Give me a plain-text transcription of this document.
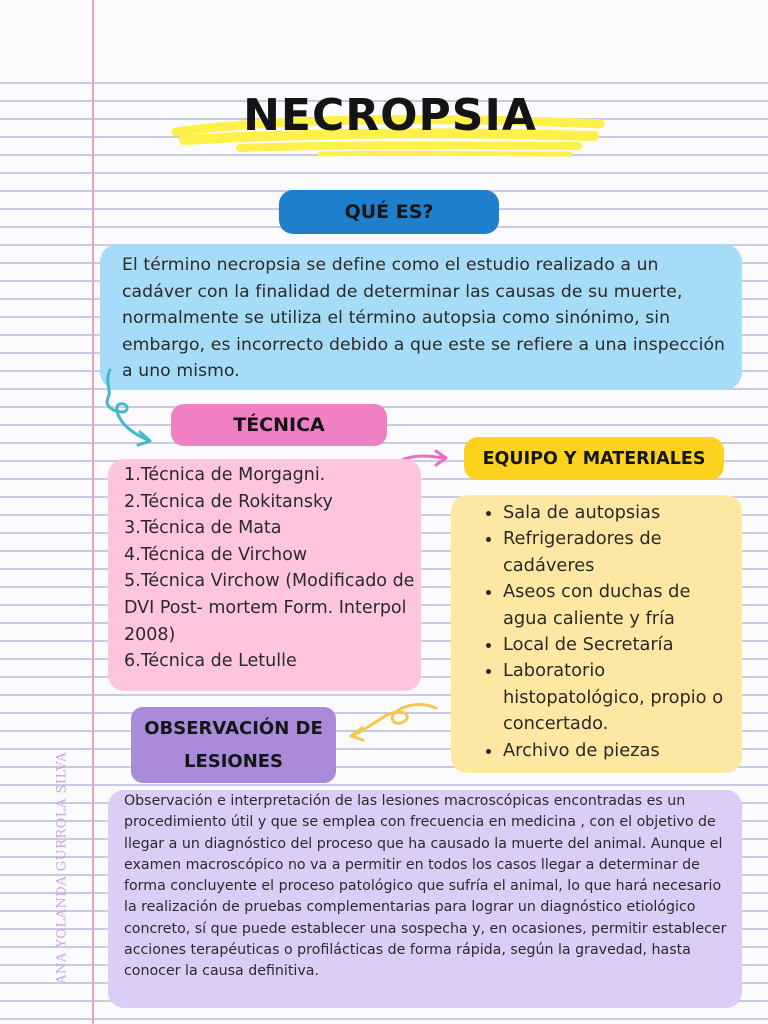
ANA YOLANDA GURROLA SILVA
NECROPSIA
QUÉ ES?
El término necropsia se define como el estudio realizado a un cadáver con la finalidad de determinar las causas de su muerte, normalmente se utiliza el término autopsia como sinónimo, sin embargo, es incorrecto debido a que este se refiere a una inspección a uno mismo.
TÉCNICA
EQUIPO Y MATERIALES
1.Técnica de Morgagni.
2.Técnica de Rokitansky
3.Técnica de Mata
4.Técnica de Virchow
5.Técnica Virchow (Modificado de DVI Post- mortem Form. Interpol 2008)
6.Técnica de Letulle
• Sala de autopsias
• Refrigeradores de cadáveres
• Aseos con duchas de agua caliente y fría
• Local de Secretaría
• Laboratorio histopatológico, propio o concertado.
• Archivo de piezas
OBSERVACIÓN DE LESIONES
Observación e interpretación de las lesiones macroscópicas encontradas es un procedimiento útil y que se emplea con frecuencia en medicina , con el objetivo de llegar a un diagnóstico del proceso que ha causado la muerte del animal. Aunque el examen macroscópico no va a permitir en todos los casos llegar a determinar de forma concluyente el proceso patológico que sufría el animal, lo que hará necesario la realización de pruebas complementarias para lograr un diagnóstico etiológico concreto, sí que puede establecer una sospecha y, en ocasiones, permitir establecer acciones terapéuticas o profilácticas de forma rápida, según la gravedad, hasta conocer la causa definitiva.
